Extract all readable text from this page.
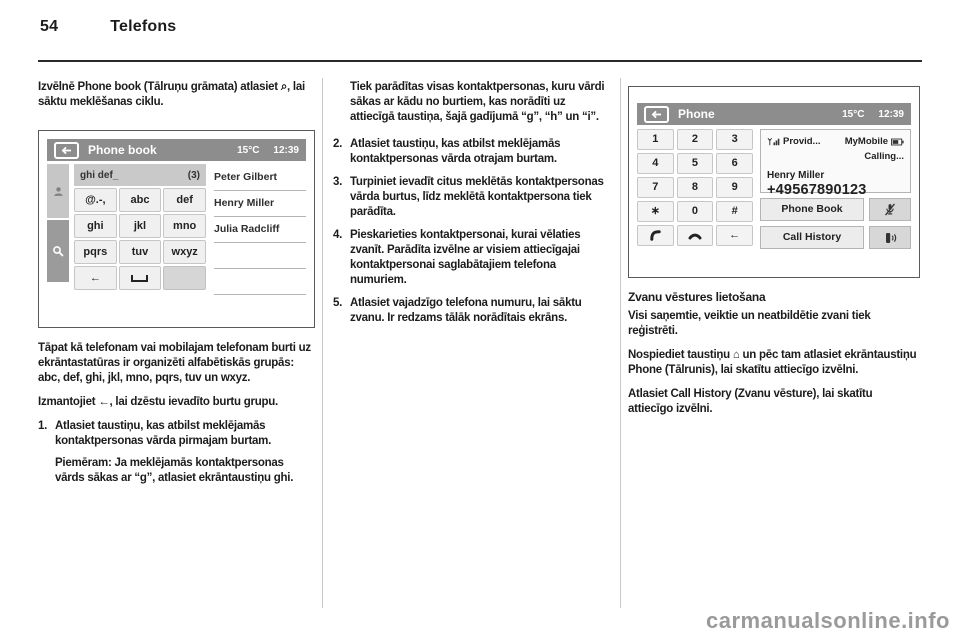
54	Telefons

Izvēlnē Phone book (Tālruņu grāmata) atlasiet ⌕, lai sāktu meklēšanas ciklu.

Phone book	15°C 12:39
ghi def_	(3)
@.-,	abc	def
ghi	jkl	mno
pqrs	tuv	wxyz
←
Peter Gilbert
Henry Miller
Julia Radcliff

Tāpat kā telefonam vai mobilajam telefonam burti uz ekrāntastatūras ir organizēti alfabētiskās grupās: abc, def, ghi, jkl, mno, pqrs, tuv un wxyz.

Izmantojiet ←, lai dzēstu ievadīto burtu grupu.

1. Atlasiet taustiņu, kas atbilst meklējamās kontaktpersonas vārda pirmajam burtam.
Piemēram: Ja meklējamās kontaktpersonas vārds sākas ar “g”, atlasiet ekrāntaustiņu ghi.

Tiek parādītas visas kontaktpersonas, kuru vārdi sākas ar kādu no burtiem, kas norādīti uz attiecīgā taustiņa, šajā gadījumā “g”, “h” un “i”.

2. Atlasiet taustiņu, kas atbilst meklējamās kontaktpersonas vārda otrajam burtam.
3. Turpiniet ievadīt citus meklētās kontaktpersonas vārda burtus, līdz meklētā kontaktpersona tiek parādīta.
4. Pieskarieties kontaktpersonai, kurai vēlaties zvanīt. Parādīta izvēlne ar visiem attiecīgajai kontaktpersonai saglabātajiem telefona numuriem.
5. Atlasiet vajadzīgo telefona numuru, lai sāktu zvanu. Ir redzams tālāk norādītais ekrāns.
Phone	15°C 12:39
1	2	3
4	5	6
7	8	9
∗	0	#
←
Provid...	MyMobile
Calling...
Henry Miller
+49567890123
Phone Book
Call History

Zvanu vēstures lietošana

Visi saņemtie, veiktie un neatbildētie zvani tiek reģistrēti.

Nospiediet taustiņu ⌂ un pēc tam atlasiet ekrāntaustiņu Phone (Tālrunis), lai skatītu attiecīgo izvēlni.

Atlasiet Call History (Zvanu vēsture), lai skatītu attiecīgo izvēlni.

carmanualsonline.info
